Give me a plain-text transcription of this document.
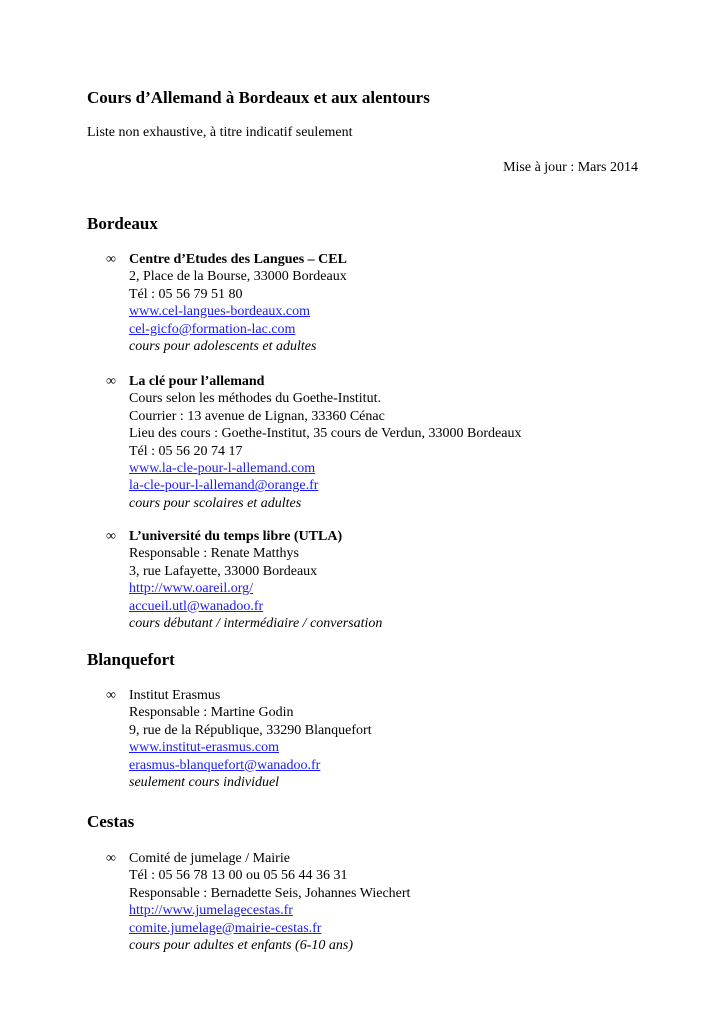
Cours d’Allemand à Bordeaux et aux alentours
Liste non exhaustive, à titre indicatif seulement
Mise à jour : Mars 2014
Bordeaux
∞ Centre d’Etudes des Langues – CEL
2, Place de la Bourse, 33000 Bordeaux
Tél : 05 56 79 51 80
www.cel-langues-bordeaux.com
cel-gicfo@formation-lac.com
cours pour adolescents et adultes
∞ La clé pour l’allemand
Cours selon les méthodes du Goethe-Institut.
Courrier : 13 avenue de Lignan, 33360 Cénac
Lieu des cours : Goethe-Institut, 35 cours de Verdun, 33000 Bordeaux
Tél : 05 56 20 74 17
www.la-cle-pour-l-allemand.com
la-cle-pour-l-allemand@orange.fr
cours pour scolaires et adultes
∞ L’université du temps libre (UTLA)
Responsable : Renate Matthys
3, rue Lafayette, 33000 Bordeaux
http://www.oareil.org/
accueil.utl@wanadoo.fr
cours débutant / intermédiaire / conversation
Blanquefort
∞ Institut Erasmus
Responsable : Martine Godin
9, rue de la République, 33290 Blanquefort
www.institut-erasmus.com
erasmus-blanquefort@wanadoo.fr
seulement cours individuel
Cestas
∞ Comité de jumelage / Mairie
Tél : 05 56 78 13 00 ou 05 56 44 36 31
Responsable : Bernadette Seis, Johannes Wiechert
http://www.jumelagecestas.fr
comite.jumelage@mairie-cestas.fr
cours pour adultes et enfants (6-10 ans)
